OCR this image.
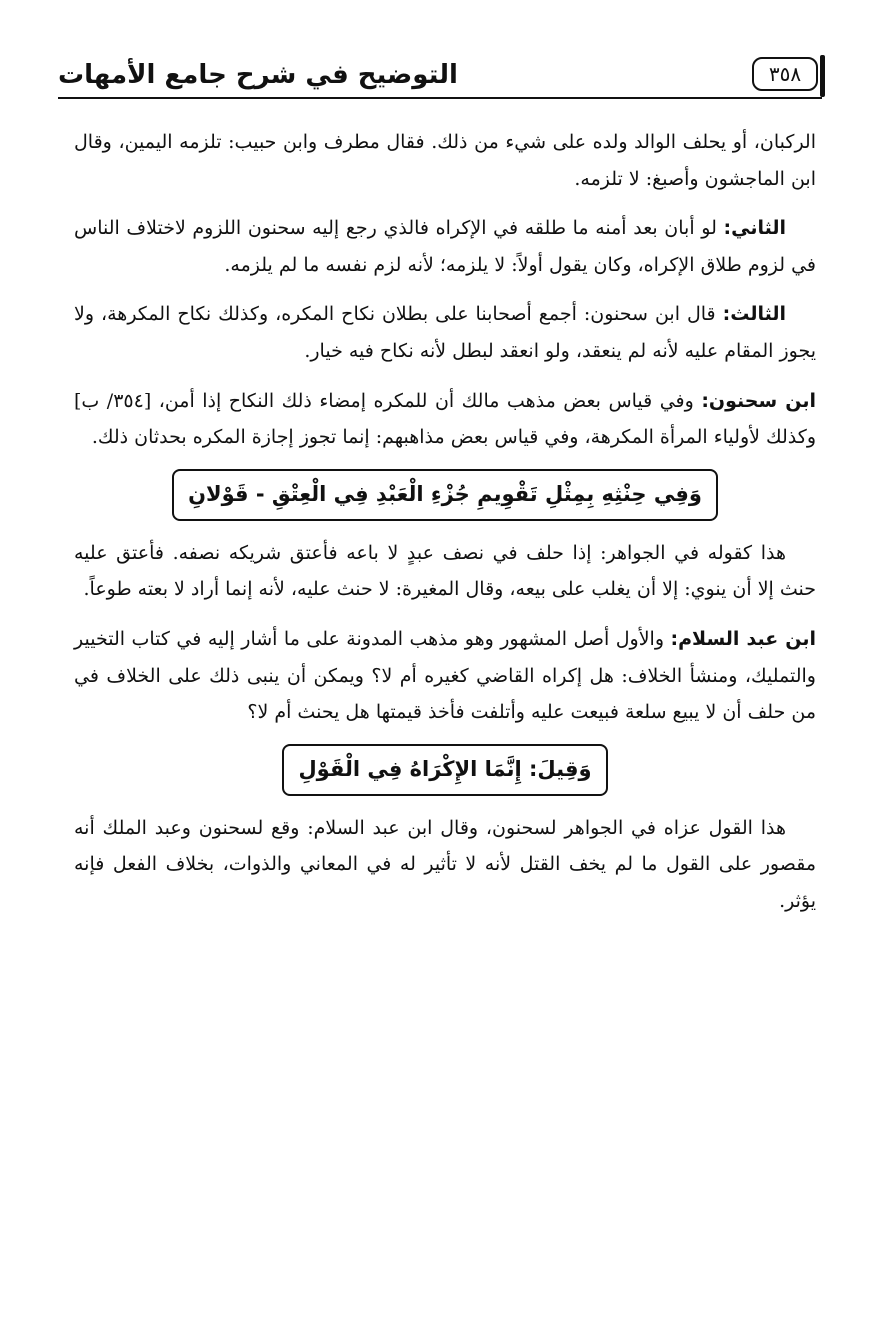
التوضيح في شرح جامع الأمهات	٣٥٨

الركبان، أو يحلف الوالد ولده على شيء من ذلك. فقال مطرف وابن حبيب: تلزمه اليمين، وقال ابن الماجشون وأصبغ: لا تلزمه.

الثاني: لو أبان بعد أمنه ما طلقه في الإكراه فالذي رجع إليه سحنون اللزوم لاختلاف الناس في لزوم طلاق الإكراه، وكان يقول أولاً: لا يلزمه؛ لأنه لزم نفسه ما لم يلزمه.

الثالث: قال ابن سحنون: أجمع أصحابنا على بطلان نكاح المكره، وكذلك نكاح المكرهة، ولا يجوز المقام عليه لأنه لم ينعقد، ولو انعقد لبطل لأنه نكاح فيه خيار.

ابن سحنون: وفي قياس بعض مذهب مالك أن للمكره إمضاء ذلك النكاح إذا أمن، [٣٥٤/ ب] وكذلك لأولياء المرأة المكرهة، وفي قياس بعض مذاهبهم: إنما تجوز إجازة المكره بحدثان ذلك.

وَفِي حِنْثِهِ بِمِثْلِ تَقْوِيمِ جُزْءِ الْعَبْدِ فِي الْعِتْقِ - قَوْلانِ

هذا كقوله في الجواهر: إذا حلف في نصف عبدٍ لا باعه فأعتق شريكه نصفه. فأعتق عليه حنث إلا أن ينوي: إلا أن يغلب على بيعه، وقال المغيرة: لا حنث عليه، لأنه إنما أراد لا بعته طوعاً.

ابن عبد السلام: والأول أصل المشهور وهو مذهب المدونة على ما أشار إليه في كتاب التخيير والتمليك، ومنشأ الخلاف: هل إكراه القاضي كغيره أم لا؟ ويمكن أن ينبى ذلك على الخلاف في من حلف أن لا يبيع سلعة فبيعت عليه وأتلفت فأخذ قيمتها هل يحنث أم لا؟

وَقِيلَ: إِنَّمَا الإِكْرَاهُ فِي الْقَوْلِ

هذا القول عزاه في الجواهر لسحنون، وقال ابن عبد السلام: وقع لسحنون وعبد الملك أنه مقصور على القول ما لم يخف القتل لأنه لا تأثير له في المعاني والذوات، بخلاف الفعل فإنه يؤثر.
